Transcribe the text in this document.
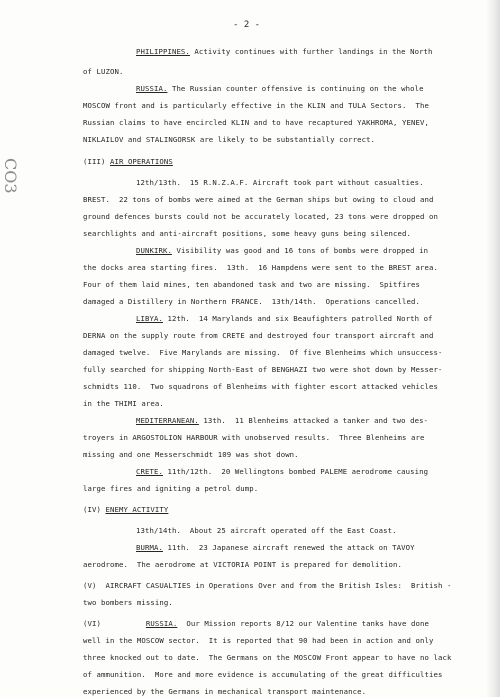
- 2 -
CO3
PHILIPPINES. Activity continues with further landings in the North
of LUZON.
RUSSIA. The Russian counter offensive is continuing on the whole
MOSCOW front and is particularly effective in the KLIN and TULA Sectors.  The
Russian claims to have encircled KLIN and to have recaptured YAKHROMA, YENEV,
NIKLAILOV and STALINGORSK are likely to be substantially correct.
(III) AIR OPERATIONS
12th/13th.  15 R.N.Z.A.F. Aircraft took part without casualties.
BREST.  22 tons of bombs were aimed at the German ships but owing to cloud and
ground defences bursts could not be accurately located, 23 tons were dropped on
searchlights and anti-aircraft positions, some heavy guns being silenced.
DUNKIRK. Visibility was good and 16 tons of bombs were dropped in
the docks area starting fires.  13th.  16 Hampdens were sent to the BREST area.
Four of them laid mines, ten abandoned task and two are missing.  Spitfires
damaged a Distillery in Northern FRANCE.  13th/14th.  Operations cancelled.
LIBYA. 12th.  14 Marylands and six Beaufighters patrolled North of
DERNA on the supply route from CRETE and destroyed four transport aircraft and
damaged twelve.  Five Marylands are missing.  Of five Blenheims which unsuccess-
fully searched for shipping North-East of BENGHAZI two were shot down by Messer-
schmidts 110.  Two squadrons of Blenheims with fighter escort attacked vehicles
in the THIMI area.
MEDITERRANEAN. 13th.  11 Blenheims attacked a tanker and two des-
troyers in ARGOSTOLION HARBOUR with unobserved results.  Three Blenheims are
missing and one Messerschmidt 109 was shot down.
CRETE. 11th/12th.  20 Wellingtons bombed PALEME aerodrome causing
large fires and igniting a petrol dump.
(IV) ENEMY ACTIVITY
13th/14th.  About 25 aircraft operated off the East Coast.
BURMA. 11th.  23 Japanese aircraft renewed the attack on TAVOY
aerodrome.  The aerodrome at VICTORIA POINT is prepared for demolition.
(V)  AIRCRAFT CASUALTIES in Operations Over and from the British Isles:  British -
two bombers missing.
(VI)          RUSSIA.  Our Mission reports 8/12 our Valentine tanks have done
well in the MOSCOW sector.  It is reported that 90 had been in action and only
three knocked out to date.  The Germans on the MOSCOW Front appear to have no lack
of ammunition.  More and more evidence is accumulating of the great difficulties
experienced by the Germans in mechanical transport maintenance.
